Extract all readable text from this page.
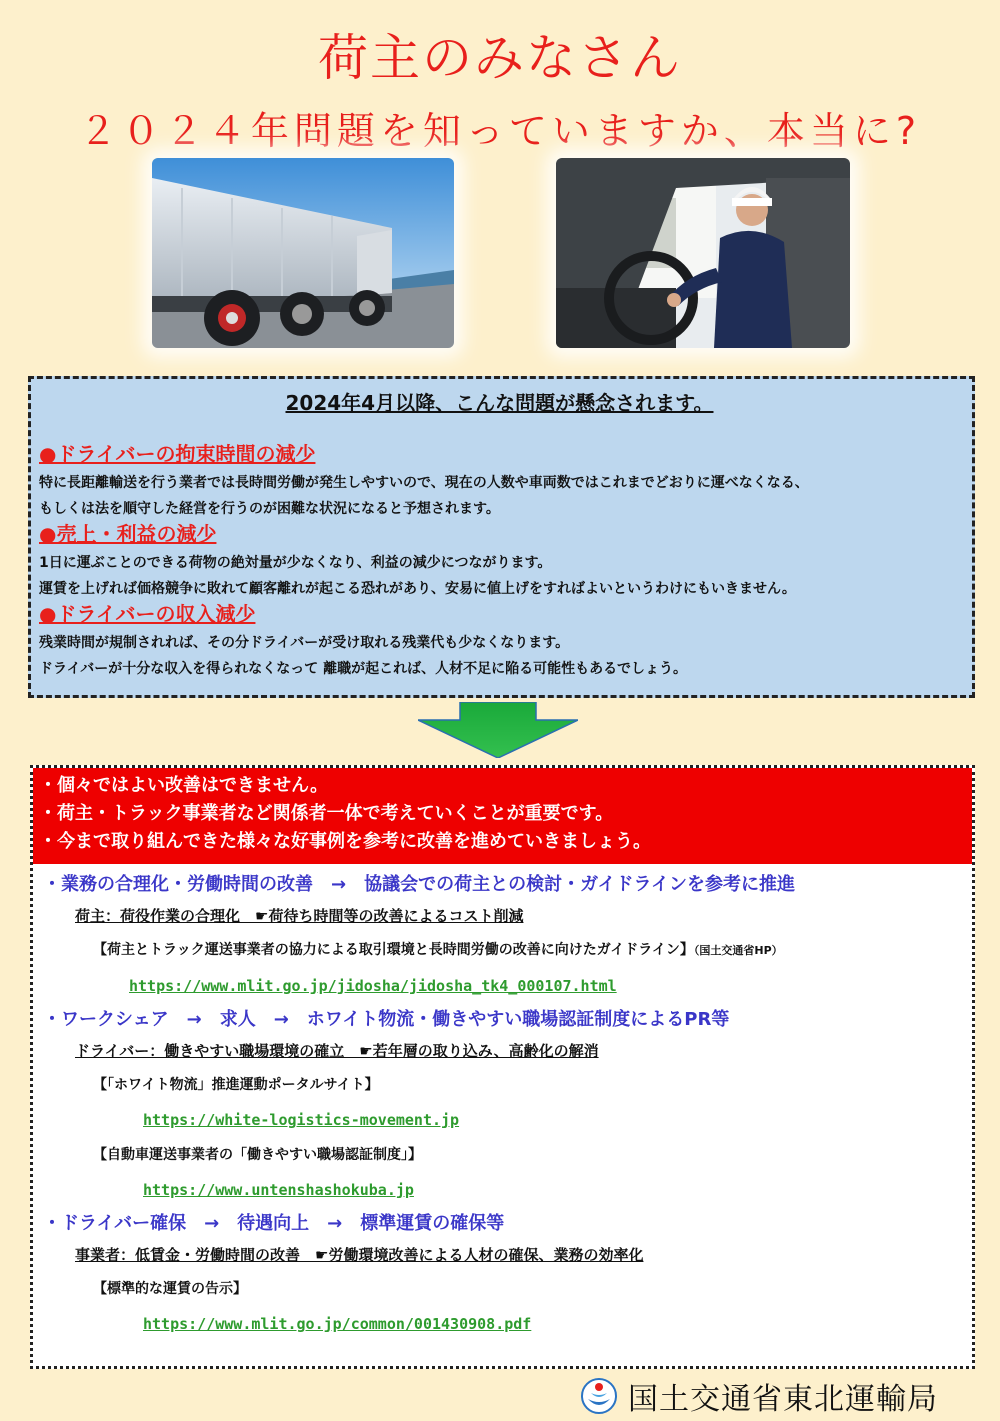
荷主のみなさん
２０２４年問題を知っていますか、本当に?
2024年4月以降、こんな問題が懸念されます。
●ドライバーの拘束時間の減少
特に長距離輸送を行う業者では長時間労働が発生しやすいので、現在の人数や車両数ではこれまでどおりに運べなくなる、
もしくは法を順守した経営を行うのが困難な状況になると予想されます。
●売上・利益の減少
1日に運ぶことのできる荷物の絶対量が少なくなり、利益の減少につながります。
運賃を上げれば価格競争に敗れて顧客離れが起こる恐れがあり、安易に値上げをすればよいというわけにもいきません。
●ドライバーの収入減少
残業時間が規制されれば、その分ドライバーが受け取れる残業代も少なくなります。
ドライバーが十分な収入を得られなくなって 離職が起これば、人材不足に陥る可能性もあるでしょう。
・個々ではよい改善はできません。
・荷主・トラック事業者など関係者一体で考えていくことが重要です。
・今まで取り組んできた様々な好事例を参考に改善を進めていきましょう。
・業務の合理化・労働時間の改善　→　協議会での荷主との検討・ガイドラインを参考に推進
荷主：荷役作業の合理化　☛荷待ち時間等の改善によるコスト削減
【荷主とトラック運送事業者の協力による取引環境と長時間労働の改善に向けたガイドライン】（国土交通省HP）
https://www.mlit.go.jp/jidosha/jidosha_tk4_000107.html
・ワークシェア　→　求人　→　ホワイト物流・働きやすい職場認証制度によるPR等
ドライバー：働きやすい職場環境の確立　☛若年層の取り込み、高齢化の解消
【「ホワイト物流」推進運動ポータルサイト】
https://white-logistics-movement.jp
【自動車運送事業者の「働きやすい職場認証制度」】
https://www.untenshashokuba.jp
・ドライバー確保　→　待遇向上　→　標準運賃の確保等
事業者：低賃金・労働時間の改善　☛労働環境改善による人材の確保、業務の効率化
【標準的な運賃の告示】
https://www.mlit.go.jp/common/001430908.pdf
国土交通省東北運輸局
